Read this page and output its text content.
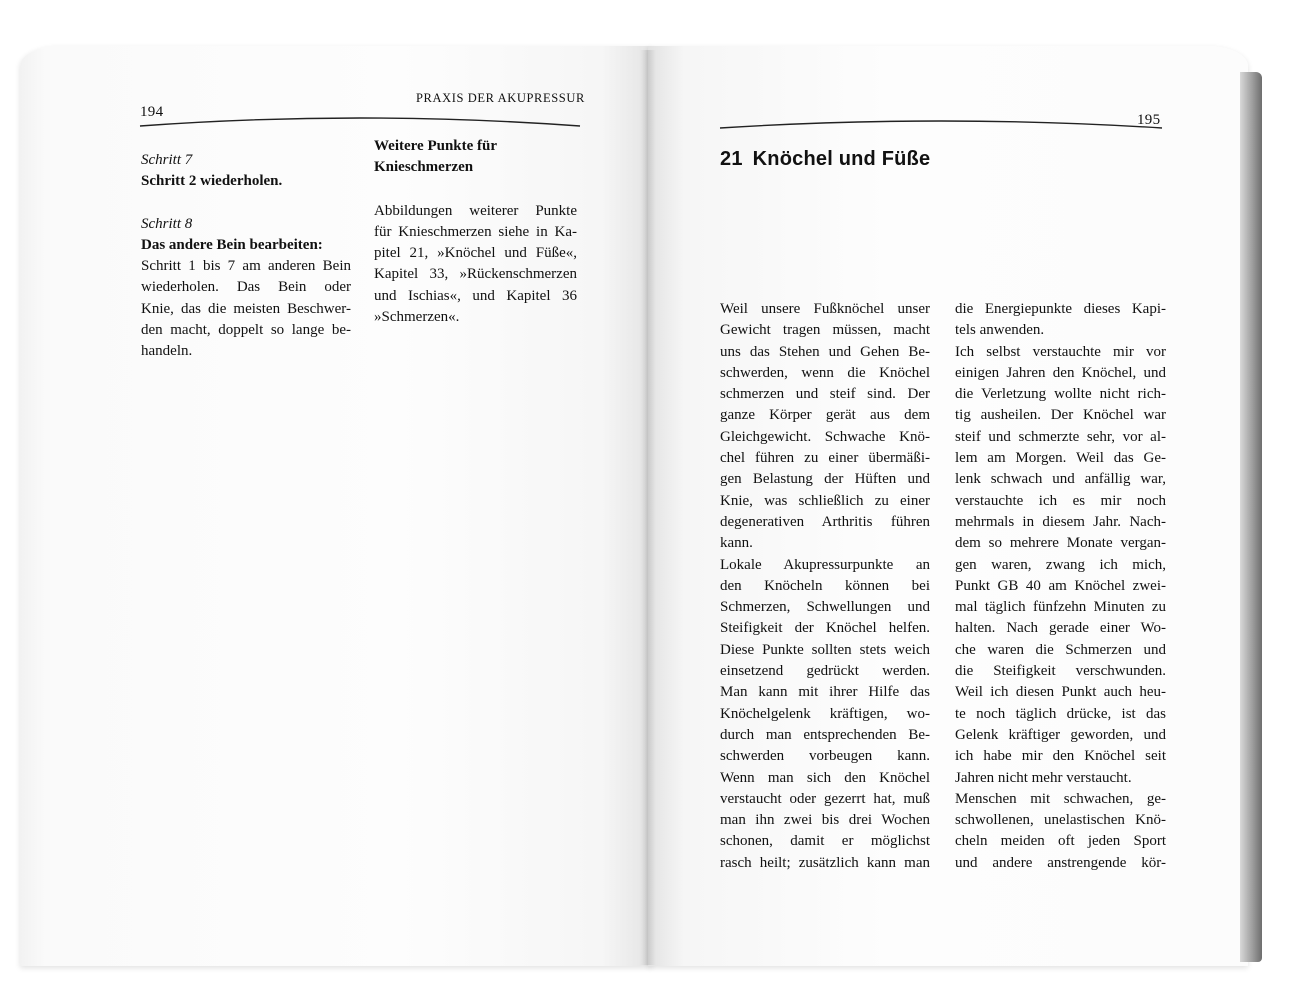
194
PRAXIS DER AKUPRESSUR
Schritt 7
Schritt 2 wiederholen.
Schritt 8
Das andere Bein bearbeiten:
Schritt 1 bis 7 am anderen Bein
wiederholen. Das Bein oder
Knie, das die meisten Beschwer-
den macht, doppelt so lange be-
handeln.
Weitere Punkte für
Knieschmerzen
Abbildungen weiterer Punkte
für Knieschmerzen siehe in Ka-
pitel 21, »Knöchel und Füße«,
Kapitel 33, »Rückenschmerzen
und Ischias«, und Kapitel 36
»Schmerzen«.
195
21 Knöchel und Füße
Weil unsere Fußknöchel unser
Gewicht tragen müssen, macht
uns das Stehen und Gehen Be-
schwerden, wenn die Knöchel
schmerzen und steif sind. Der
ganze Körper gerät aus dem
Gleichgewicht. Schwache Knö-
chel führen zu einer übermäßi-
gen Belastung der Hüften und
Knie, was schließlich zu einer
degenerativen Arthritis führen
kann.
Lokale Akupressurpunkte an
den Knöcheln können bei
Schmerzen, Schwellungen und
Steifigkeit der Knöchel helfen.
Diese Punkte sollten stets weich
einsetzend gedrückt werden.
Man kann mit ihrer Hilfe das
Knöchelgelenk kräftigen, wo-
durch man entsprechenden Be-
schwerden vorbeugen kann.
Wenn man sich den Knöchel
verstaucht oder gezerrt hat, muß
man ihn zwei bis drei Wochen
schonen, damit er möglichst
rasch heilt; zusätzlich kann man
die Energiepunkte dieses Kapi-
tels anwenden.
Ich selbst verstauchte mir vor
einigen Jahren den Knöchel, und
die Verletzung wollte nicht rich-
tig ausheilen. Der Knöchel war
steif und schmerzte sehr, vor al-
lem am Morgen. Weil das Ge-
lenk schwach und anfällig war,
verstauchte ich es mir noch
mehrmals in diesem Jahr. Nach-
dem so mehrere Monate vergan-
gen waren, zwang ich mich,
Punkt GB 40 am Knöchel zwei-
mal täglich fünfzehn Minuten zu
halten. Nach gerade einer Wo-
che waren die Schmerzen und
die Steifigkeit verschwunden.
Weil ich diesen Punkt auch heu-
te noch täglich drücke, ist das
Gelenk kräftiger geworden, und
ich habe mir den Knöchel seit
Jahren nicht mehr verstaucht.
Menschen mit schwachen, ge-
schwollenen, unelastischen Knö-
cheln meiden oft jeden Sport
und andere anstrengende kör-
